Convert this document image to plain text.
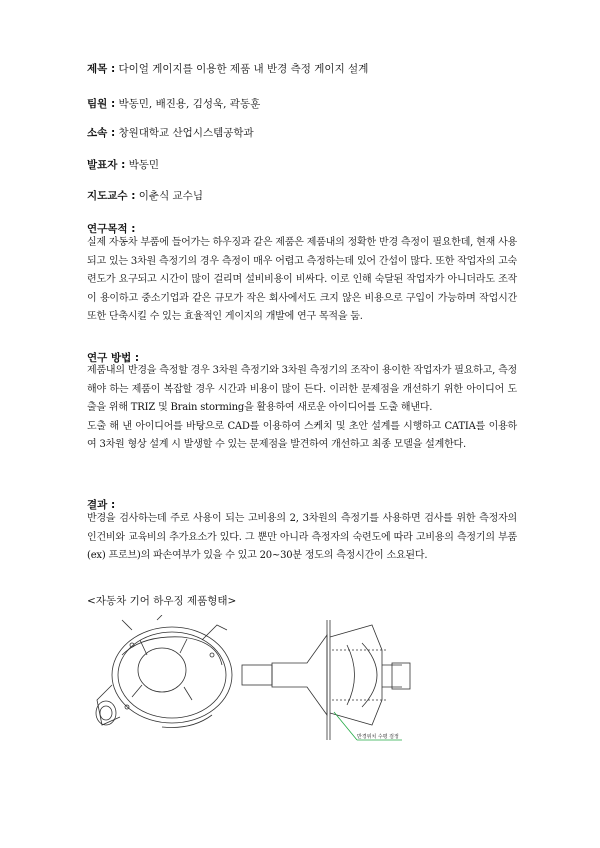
제목 : 다이얼 게이지를 이용한 제품 내 반경 측정 게이지 설계
팀원 : 박동민, 배진용, 김성욱, 곽동훈
소속 : 창원대학교 산업시스템공학과
발표자 : 박동민
지도교수 : 이춘식 교수님
연구목적 :

실제 자동차 부품에 들어가는 하우징과 같은 제품은 제품내의 정확한 반경 측정이 필요한데, 현재 사용되고 있는 3차원 측정기의 경우 측정이 매우 어렵고 측정하는데 있어 간섭이 많다. 또한 작업자의 고숙련도가 요구되고 시간이 많이 걸리며 설비비용이 비싸다. 이로 인해 숙달된 작업자가 아니더라도 조작이 용이하고 중소기업과 같은 규모가 작은 회사에서도 크지 않은 비용으로 구입이 가능하며 작업시간 또한 단축시킬 수 있는 효율적인 게이지의 개발에 연구 목적을 둠.

연구 방법 :

제품내의 반경을 측정할 경우 3차원 측정기와 3차원 측정기의 조작이 용이한 작업자가 필요하고, 측정해야 하는 제품이 복잡할 경우 시간과 비용이 많이 든다. 이러한 문제점을 개선하기 위한 아이디어 도출을 위해 TRIZ 및 Brain storming을 활용하여 새로운 아이디어를 도출 해낸다.

도출 해 낸 아이디어를 바탕으로 CAD를 이용하여 스케치 및 초안 설계를 시행하고 CATIA를 이용하여 3차원 형상 설계 시 발생할 수 있는 문제점을 발견하여 개선하고 최종 모델을 설계한다.

결과 :

반경을 검사하는데 주로 사용이 되는 고비용의 2, 3차원의 측정기를 사용하면 검사를 위한 측정자의 인건비와 교육비의 추가요소가 있다. 그 뿐만 아니라 측정자의 숙련도에 따라 고비용의 측정기의 부품 (ex) 프로브)의 파손여부가 있을 수 있고 20~30분 정도의 측정시간이 소요된다.

<자동차 기어 하우징 제품형태>
반경위치 수평 검정
